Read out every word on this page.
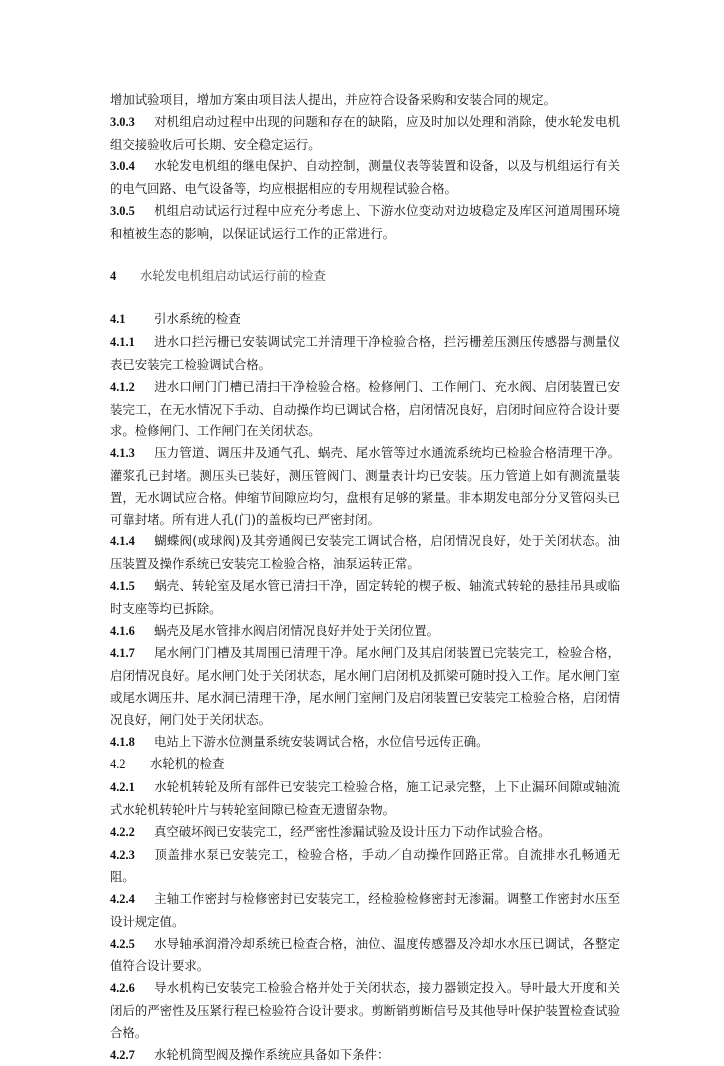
增加试验项目，增加方案由项目法人提出，并应符合设备采购和安装合同的规定。

3.0.3 对机组启动过程中出现的问题和存在的缺陷，应及时加以处理和消除，使水轮发电机组交接验收后可长期、安全稳定运行。

3.0.4 水轮发电机组的继电保护、自动控制，测量仪表等装置和设备，以及与机组运行有关的电气回路、电气设备等，均应根据相应的专用规程试验合格。

3.0.5 机组启动试运行过程中应充分考虑上、下游水位变动对边坡稳定及库区河道周围环境和植被生态的影响，以保证试运行工作的正常进行。

4 水轮发电机组启动试运行前的检查

4.1 引水系统的检查

4.1.1 进水口拦污栅已安装调试完工并清理干净检验合格，拦污栅差压测压传感器与测量仪表已安装完工检验调试合格。

4.1.2 进水口闸门门槽已清扫干净检验合格。检修闸门、工作闸门、充水阀、启闭装置已安装完工，在无水情况下手动、自动操作均已调试合格，启闭情况良好，启闭时间应符合设计要求。检修闸门、工作闸门在关闭状态。

4.1.3 压力管道、调压井及通气孔、蜗壳、尾水管等过水通流系统均已检验合格清理干净。灌浆孔已封堵。测压头已装好，测压管阀门、测量表计均已安装。压力管道上如有测流量装置，无水调试应合格。伸缩节间隙应均匀，盘根有足够的紧量。非本期发电部分分叉管闷头已可靠封堵。所有进人孔(门)的盖板均已严密封闭。

4.1.4 蝴蝶阀(或球阀)及其旁通阀已安装完工调试合格，启闭情况良好，处于关闭状态。油压装置及操作系统已安装完工检验合格，油泵运转正常。

4.1.5 蜗壳、转轮室及尾水管已清扫干净，固定转轮的楔子板、轴流式转轮的悬挂吊具或临时支座等均已拆除。

4.1.6 蜗壳及尾水管排水阀启闭情况良好并处于关闭位置。

4.1.7 尾水闸门门槽及其周围已清理干净。尾水闸门及其启闭装置已完装完工，检验合格，启闭情况良好。尾水闸门处于关闭状态，尾水闸门启闭机及抓梁可随时投入工作。尾水闸门室或尾水调压井、尾水洞已清理干净，尾水闸门室闸门及启闭装置已安装完工检验合格，启闭情况良好，闸门处于关闭状态。

4.1.8 电站上下游水位测量系统安装调试合格，水位信号远传正确。

4.2 水轮机的检查

4.2.1 水轮机转轮及所有部件已安装完工检验合格，施工记录完整，上下止漏环间隙或轴流式水轮机转轮叶片与转轮室间隙已检查无遗留杂物。

4.2.2 真空破坏阀已安装完工，经严密性渗漏试验及设计压力下动作试验合格。

4.2.3 顶盖排水泵已安装完工，检验合格，手动／自动操作回路正常。自流排水孔畅通无阻。

4.2.4 主轴工作密封与检修密封已安装完工，经检验检修密封无渗漏。调整工作密封水压至设计规定值。

4.2.5 水导轴承润滑冷却系统已检查合格，油位、温度传感器及冷却水水压已调试，各整定值符合设计要求。

4.2.6 导水机构已安装完工检验合格并处于关闭状态，接力器锁定投入。导叶最大开度和关闭后的严密性及压紧行程已检验符合设计要求。剪断销剪断信号及其他导叶保护装置检查试验合格。

4.2.7 水轮机筒型阀及操作系统应具备如下条件：
